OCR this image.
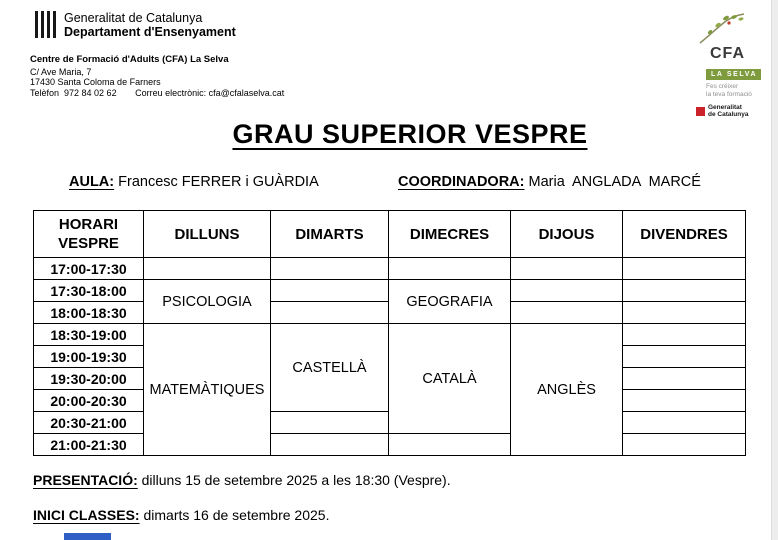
Generalitat de Catalunya
Departament d'Ensenyament
Centre de Formació d'Adults (CFA) La Selva
C/ Ave Maria, 7
17430 Santa Coloma de Farners
Telèfon  972 84 02 62 Correu electrònic: cfa@cfalaselva.cat
CFA
LA SELVA
Fes créixer
la teva formació
Generalitat
de Catalunya
GRAU SUPERIOR VESPRE
AULA: Francesc FERRER i GUÀRDIA	COORDINADORA: Maria  ANGLADA  MARCÉ
HORARI VESPRE	DILLUNS	DIMARTS	DIMECRES	DIJOUS	DIVENDRES
17:00-17:30					
17:30-18:00	PSICOLOGIA		GEOGRAFIA		
18:00-18:30					
18:30-19:00	MATEMÀTIQUES	CASTELLÀ	CATALÀ	ANGLÈS	
19:00-19:30					
19:30-20:00					
20:00-20:30					
20:30-21:00					
21:00-21:30					
PRESENTACIÓ: dilluns 15 de setembre 2025 a les 18:30 (Vespre).
INICI CLASSES: dimarts 16 de setembre 2025.
